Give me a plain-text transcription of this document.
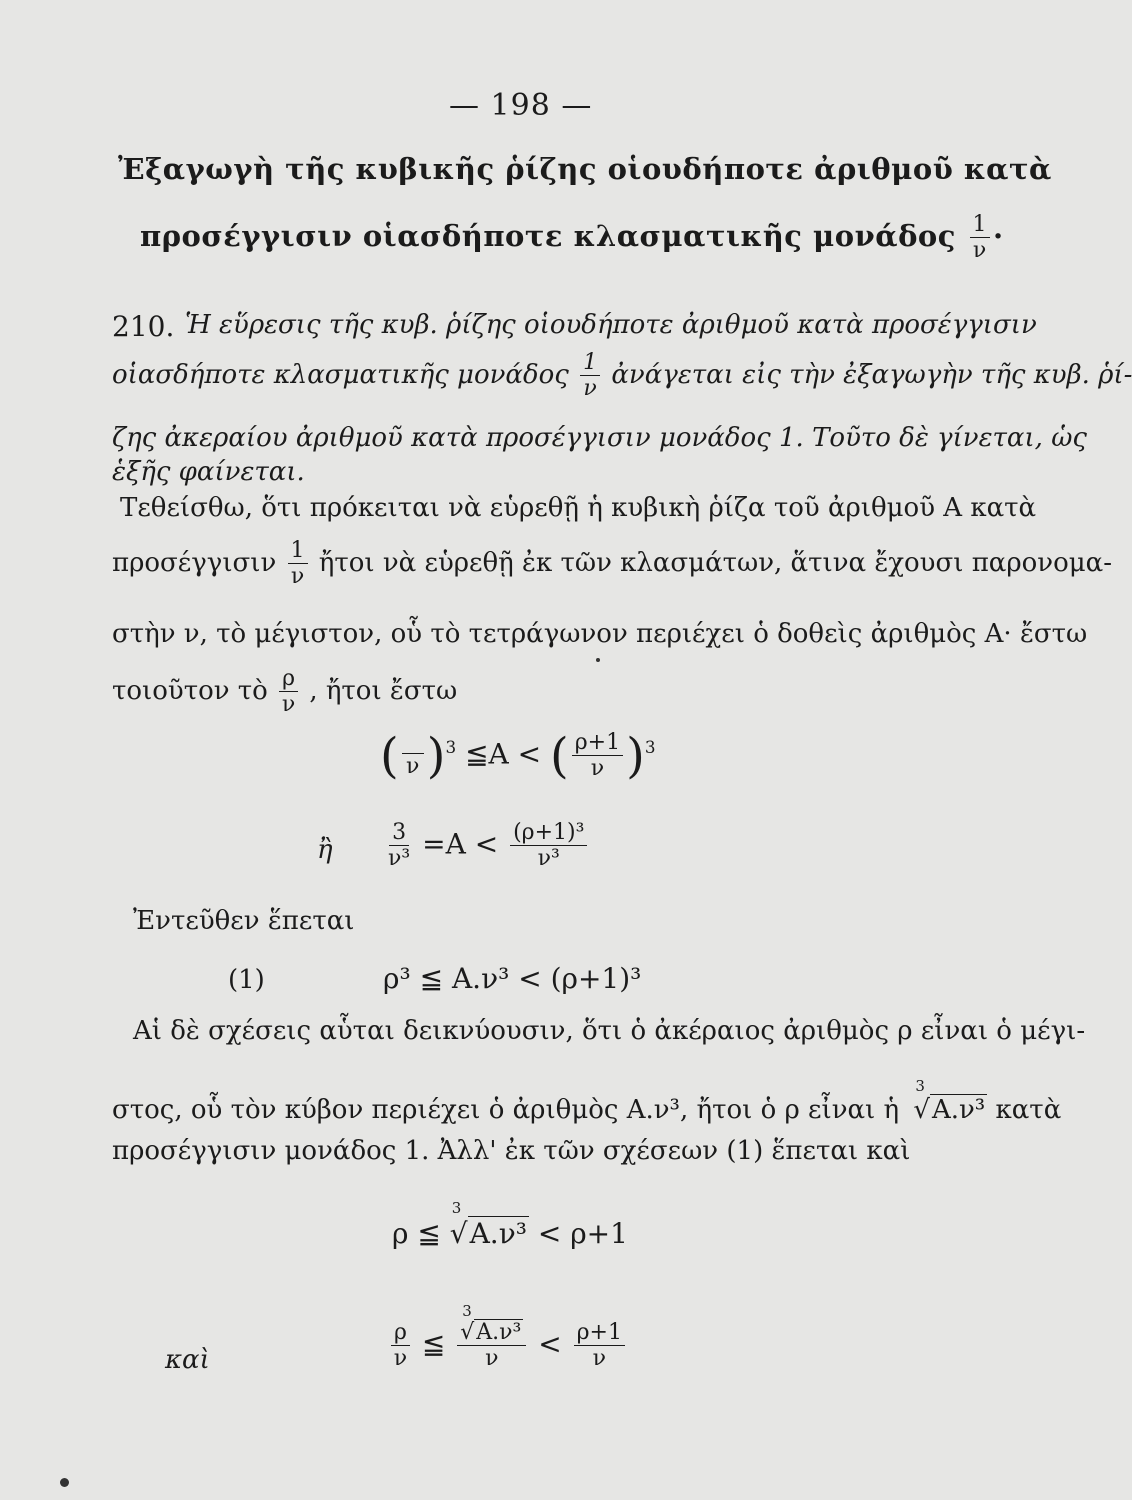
— 198 —
Ἐξαγωγὴ τῆς κυβικῆς ῥίζης οἱουδήποτε ἀριθμοῦ κατὰ
προσέγγισιν οἱασδήποτε κλασματικῆς μονάδος $\frac{1}{\nu}$ ·
210. Ἡ εὕρεσις τῆς κυβ. ῥίζης οἱουδήποτε ἀριθμοῦ κατὰ προσέγγισιν
οἱασδήποτε κλασματικῆς μονάδος $\frac{1}{\nu}$ ἀνάγεται εἰς τὴν ἐξαγωγὴν τῆς κυβ. ῥί-
ζης ἀκεραίου ἀριθμοῦ κατὰ προσέγγισιν μονάδος 1. Τοῦτο δὲ γίνεται, ὡς
ἑξῆς φαίνεται.
Τεθείσθω, ὅτι πρόκειται νὰ εὑρεθῇ ἡ κυβικὴ ῥίζα τοῦ ἀριθμοῦ A κατὰ
προσέγγισιν $\frac{1}{\nu}$ ἤτοι νὰ εὑρεθῇ ἐκ τῶν κλασμάτων, ἅτινα ἔχουσι παρονομα-
στὴν ν, τὸ μέγιστον, οὗ τὸ τετράγωνον περιέχει ὁ δοθεὶς ἀριθμὸς A· ἔστω
τοιοῦτον τὸ $\frac{\rho}{\nu}$ , ἤτοι ἔστω
( ν )$^3$ ≦A < ( $\frac{\rho+1}{\nu} )^3$
ἢ	$\frac{3}{\text{ν³}} =A < \frac{\text{(ρ+1)³}}{\text{ν³}}$
Ἐντεῦθεν ἕπεται
(1)	ρ³ ≦ A.ν³ < (ρ+1)³
Αἱ δὲ σχέσεις αὗται δεικνύουσιν, ὅτι ὁ ἀκέραιος ἀριθμὸς ρ εἶναι ὁ μέγι-
στος, οὗ τὸν κύβον περιέχει ὁ ἀριθμὸς A.ν³, ἤτοι ὁ ρ εἶναι ἡ
3
√A.ν³ κατὰ
προσέγγισιν μονάδος 1. Ἀλλ' ἐκ τῶν σχέσεων (1) ἕπεται καὶ
ρ ≦
3
√A.ν³ < ρ+1
καὶ	$\frac{\rho}{\nu}$ ≦ 3
√A.ν³
$\nu < \frac{\rho+1}{\nu}$
